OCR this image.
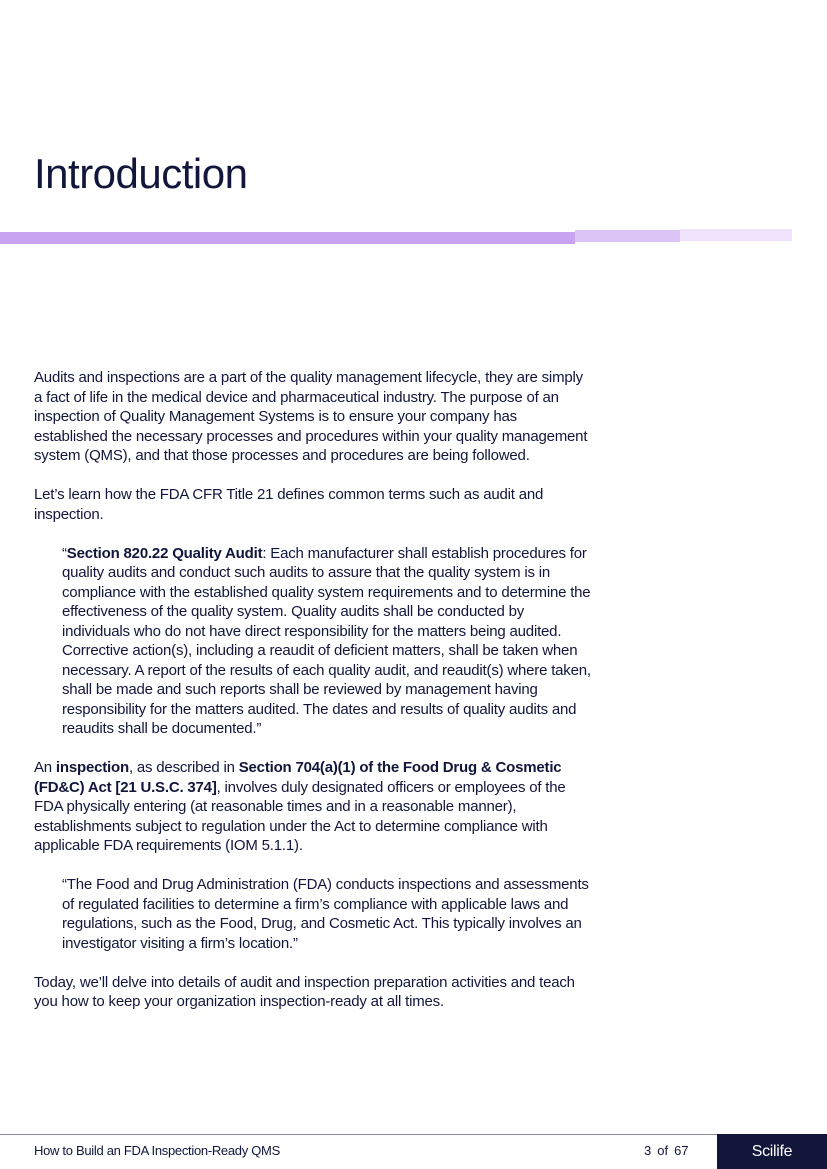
Introduction

Audits and inspections are a part of the quality management lifecycle, they are simply a fact of life in the medical device and pharmaceutical industry. The purpose of an inspection of Quality Management Systems is to ensure your company has established the necessary processes and procedures within your quality management system (QMS), and that those processes and procedures are being followed.

Let’s learn how the FDA CFR Title 21 defines common terms such as audit and inspection.

“Section 820.22 Quality Audit: Each manufacturer shall establish procedures for quality audits and conduct such audits to assure that the quality system is in compliance with the established quality system requirements and to determine the effectiveness of the quality system. Quality audits shall be conducted by individuals who do not have direct responsibility for the matters being audited. Corrective action(s), including a reaudit of deficient matters, shall be taken when necessary. A report of the results of each quality audit, and reaudit(s) where taken, shall be made and such reports shall be reviewed by management having responsibility for the matters audited. The dates and results of quality audits and reaudits shall be documented.”

An inspection, as described in Section 704(a)(1) of the Food Drug & Cosmetic (FD&C) Act [21 U.S.C. 374], involves duly designated officers or employees of the FDA physically entering (at reasonable times and in a reasonable manner), establishments subject to regulation under the Act to determine compliance with applicable FDA requirements (IOM 5.1.1).

“The Food and Drug Administration (FDA) conducts inspections and assessments of regulated facilities to determine a firm’s compliance with applicable laws and regulations, such as the Food, Drug, and Cosmetic Act. This typically involves an investigator visiting a firm’s location.”

Today, we’ll delve into details of audit and inspection preparation activities and teach you how to keep your organization inspection-ready at all times.

How to Build an FDA Inspection-Ready QMS	3 of 67	Scilife
